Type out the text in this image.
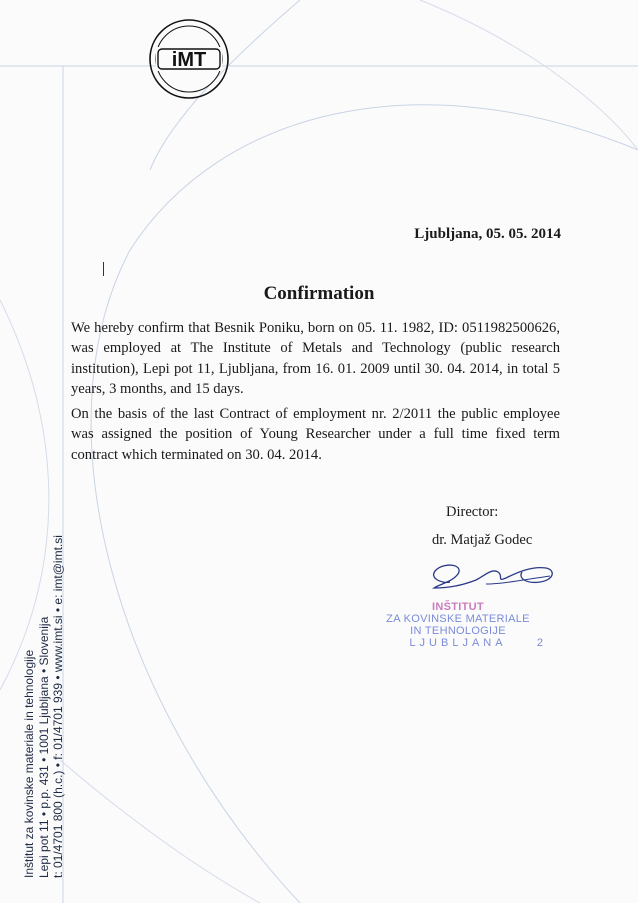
iMT
Ljubljana, 05. 05. 2014
Confirmation
We hereby confirm that Besnik Poniku, born on 05. 11. 1982, ID: 0511982500626, was employed at The Institute of Metals and Technology (public research institution), Lepi pot 11, Ljubljana, from 16. 01. 2009 until 30. 04. 2014, in total 5 years, 3 months, and 15 days.
On the basis of the last Contract of employment nr. 2/2011 the public employee was assigned the position of Young Researcher under a full time fixed term contract which terminated on 30. 04. 2014.
Director:
dr. Matjaž Godec
INŠTITUT
ZA KOVINSKE MATERIALE
IN TEHNOLOGIJE
LJUBLJANA	2
Inštitut za kovinske materiale in tehnologije Lepi pot 11 • p.p. 431 • 1001 Ljubljana • Slovenija t: 01/4701 800 (h.c.) • f: 01/4701 939 • www.imt.si • e: imt@imt.si
